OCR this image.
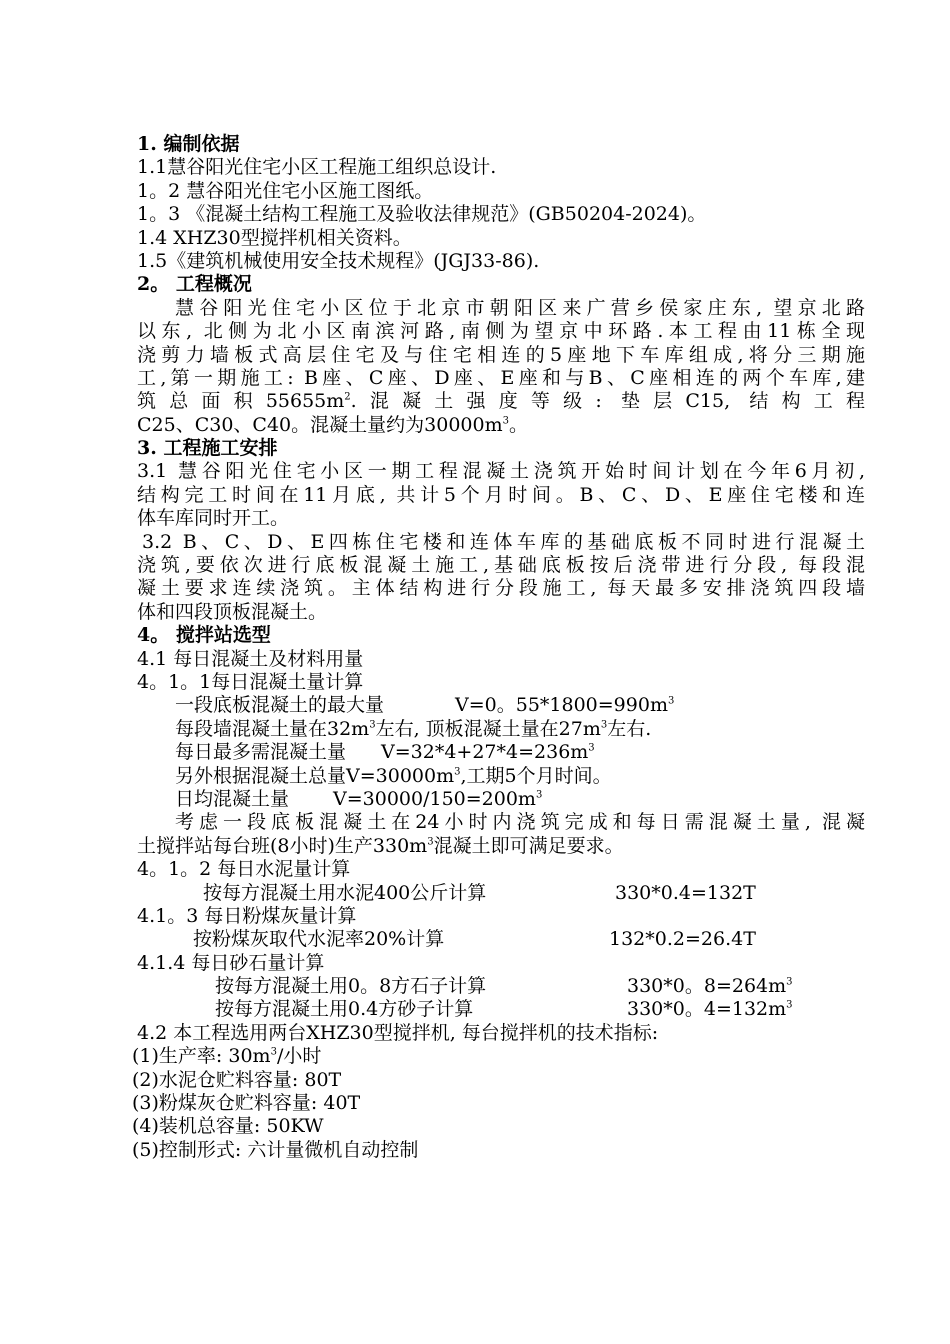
1. 编制依据
1.1慧谷阳光住宅小区工程施工组织总设计.
1。2 慧谷阳光住宅小区施工图纸。
1。3 《混凝土结构工程施工及验收法律规范》(GB50204-2024)。
1.4 XHZ30型搅拌机相关资料。
1.5《建筑机械使用安全技术规程》(JGJ33-86).
2。 工程概况
慧谷阳光住宅小区位于北京市朝阳区来广营乡侯家庄东, 望京北路
以东, 北侧为北小区南滨河路,南侧为望京中环路.本工程由11栋全现
浇剪力墙板式高层住宅及与住宅相连的5座地下车库组成,将分三期施
工,第一期施工: B座、C座、D座、E座和与B、C座相连的两个车库,建
筑总面积$55655m^2$.混凝土强度等级: 垫层C15, 结构工程
C25、C30、C40。混凝土量约为$30000m^3$。
3. 工程施工安排
3.1 慧谷阳光住宅小区一期工程混凝土浇筑开始时间计划在今年6月初,
结构完工时间在11月底, 共计5个月时间。B、C、D、E座住宅楼和连
体车库同时开工。
3.2 B、C、D、E四栋住宅楼和连体车库的基础底板不同时进行混凝土
浇筑,要依次进行底板混凝土施工,基础底板按后浇带进行分段, 每段混
凝土要求连续浇筑。主体结构进行分段施工, 每天最多安排浇筑四段墙
体和四段顶板混凝土。
4。 搅拌站选型
4.1 每日混凝土及材料用量
4。1。1每日混凝土量计算
一段底板混凝土的最大量	V=0。$55*1800=990m^3$
每段墙混凝土量在$32m^3$左右, 顶板混凝土量在$27m^3$左右.
每日最多需混凝土量 $V=32*4+27*4=236m^3$
另外根据混凝土总量$V=30000m^3$,工期5个月时间。
日均混凝土量 $V=30000/150=200m^3$
考虑一段底板混凝土在24小时内浇筑完成和每日需混凝土量, 混凝
土搅拌站每台班(8小时)生产$330m^3$混凝土即可满足要求。
4。1。2 每日水泥量计算
按每方混凝土用水泥400公斤计算	330*0.4=132T
4.1。3 每日粉煤灰量计算
按粉煤灰取代水泥率20%计算	132*0.2=26.4T
4.1.4 每日砂石量计算
按每方混凝土用0。8方石子计算	330*0。$8=264m^3$
按每方混凝土用0.4方砂子计算	330*0。$4=132m^3$
4.2 本工程选用两台XHZ30型搅拌机, 每台搅拌机的技术指标:
(1)生产率: $30m^3/$小时
(2)水泥仓贮料容量: 80T
(3)粉煤灰仓贮料容量: 40T
(4)装机总容量: 50KW
(5)控制形式: 六计量微机自动控制
